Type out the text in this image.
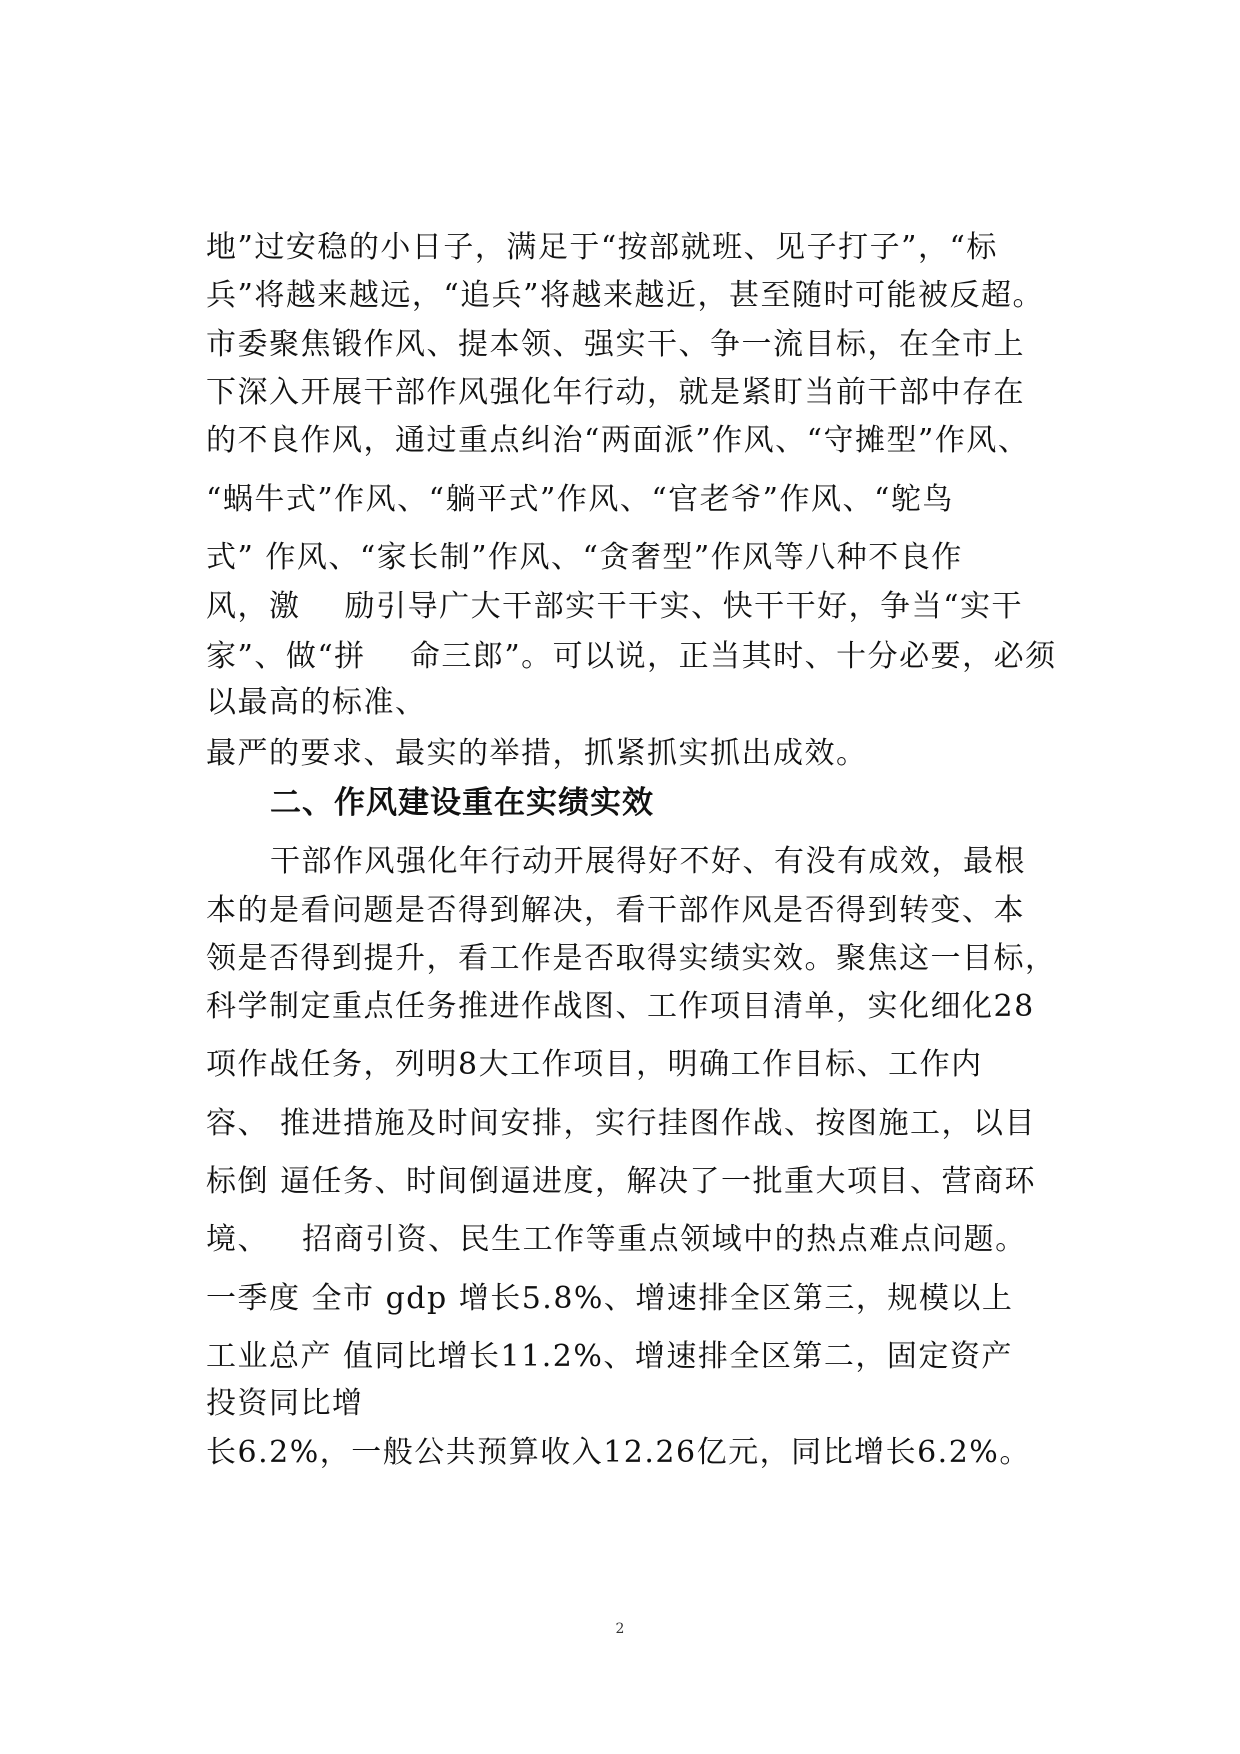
地”过安稳的小日子，满足于“按部就班、见子打子”，“标
兵”将越来越远，“追兵”将越来越近，甚至随时可能被反超。
市委聚焦锻作风、提本领、强实干、争一流目标，在全市上
下深入开展干部作风强化年行动，就是紧盯当前干部中存在
的不良作风，通过重点纠治“两面派”作风、“守摊型”作风、
“蜗牛式”作风、“躺平式”作风、“官老爷”作风、“鸵鸟
式” 作风、“家长制”作风、“贪奢型”作风等八种不良作
风，激    励引导广大干部实干干实、快干干好，争当“实干
家”、做“拼    命三郎”。可以说，正当其时、十分必要，必须
以最高的标准、
最严的要求、最实的举措，抓紧抓实抓出成效。
二、作风建设重在实绩实效
干部作风强化年行动开展得好不好、有没有成效，最根
本的是看问题是否得到解决，看干部作风是否得到转变、本
领是否得到提升，看工作是否取得实绩实效。聚焦这一目标，
科学制定重点任务推进作战图、工作项目清单，实化细化28
项作战任务，列明8大工作项目，明确工作目标、工作内
容、 推进措施及时间安排，实行挂图作战、按图施工，以目
标倒 逼任务、时间倒逼进度，解决了一批重大项目、营商环
境、   招商引资、民生工作等重点领域中的热点难点问题。
一季度 全市 gdp 增长5.8%、增速排全区第三，规模以上
工业总产 值同比增长11.2%、增速排全区第二，固定资产
投资同比增
长6.2%，一般公共预算收入12.26亿元，同比增长6.2%。
2
